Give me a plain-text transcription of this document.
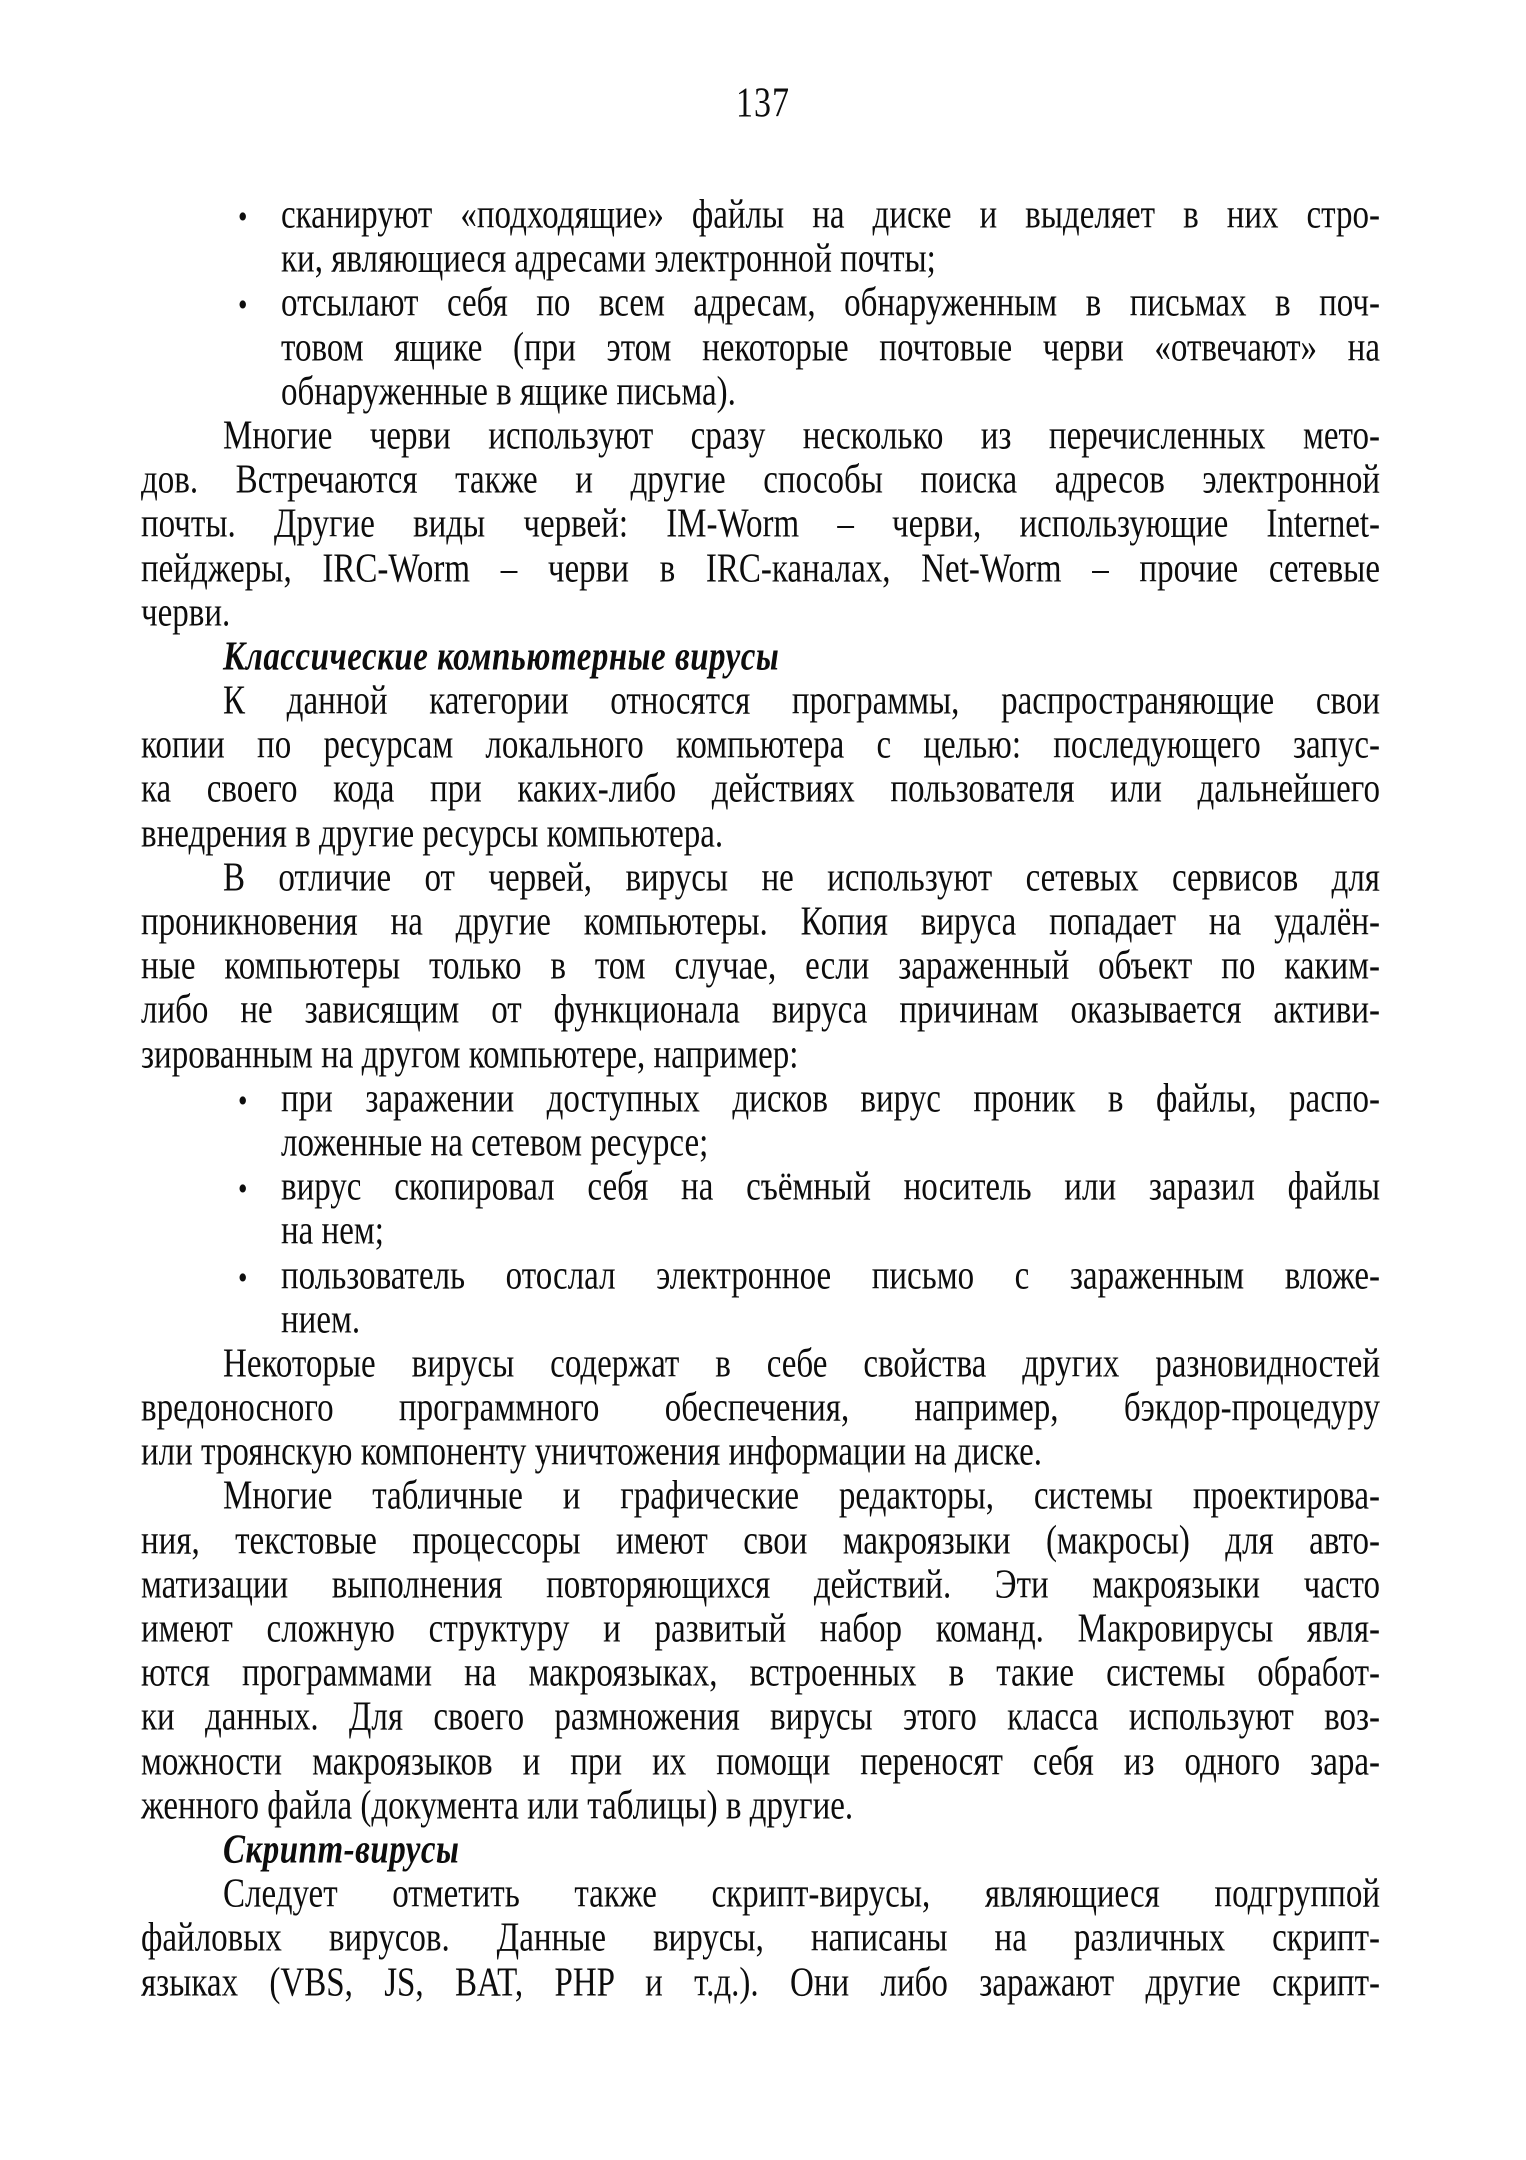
137
• сканируют «подходящие» файлы на диске и выделяет в них стро-
ки, являющиеся адресами электронной почты;
• отсылают себя по всем адресам, обнаруженным в письмах в поч-
товом ящике (при этом некоторые почтовые черви «отвечают» на
обнаруженные в ящике письма).
Многие черви используют сразу несколько из перечисленных мето-
дов. Встречаются также и другие способы поиска адресов электронной
почты. Другие виды червей: IM-Worm – черви, использующие Internet-
пейджеры, IRC-Worm – черви в IRC-каналах, Net-Worm – прочие сетевые
черви.
Классические компьютерные вирусы
К данной категории относятся программы, распространяющие свои
копии по ресурсам локального компьютера с целью: последующего запус-
ка своего кода при каких-либо действиях пользователя или дальнейшего
внедрения в другие ресурсы компьютера.
В отличие от червей, вирусы не используют сетевых сервисов для
проникновения на другие компьютеры. Копия вируса попадает на удалён-
ные компьютеры только в том случае, если зараженный объект по каким-
либо не зависящим от функционала вируса причинам оказывается активи-
зированным на другом компьютере, например:
• при заражении доступных дисков вирус проник в файлы, распо-
ложенные на сетевом ресурсе;
• вирус скопировал себя на съёмный носитель или заразил файлы
на нем;
• пользователь отослал электронное письмо с зараженным вложе-
нием.
Некоторые вирусы содержат в себе свойства других разновидностей
вредоносного программного обеспечения, например, бэкдор-процедуру
или троянскую компоненту уничтожения информации на диске.
Многие табличные и графические редакторы, системы проектирова-
ния, текстовые процессоры имеют свои макроязыки (макросы) для авто-
матизации выполнения повторяющихся действий. Эти макроязыки часто
имеют сложную структуру и развитый набор команд. Макровирусы явля-
ются программами на макроязыках, встроенных в такие системы обработ-
ки данных. Для своего размножения вирусы этого класса используют воз-
можности макроязыков и при их помощи переносят себя из одного зара-
женного файла (документа или таблицы) в другие.
Скрипт-вирусы
Следует отметить также скрипт-вирусы, являющиеся подгруппой
файловых вирусов. Данные вирусы, написаны на различных скрипт-
языках (VBS, JS, BAT, PHP и т.д.). Они либо заражают другие скрипт-
